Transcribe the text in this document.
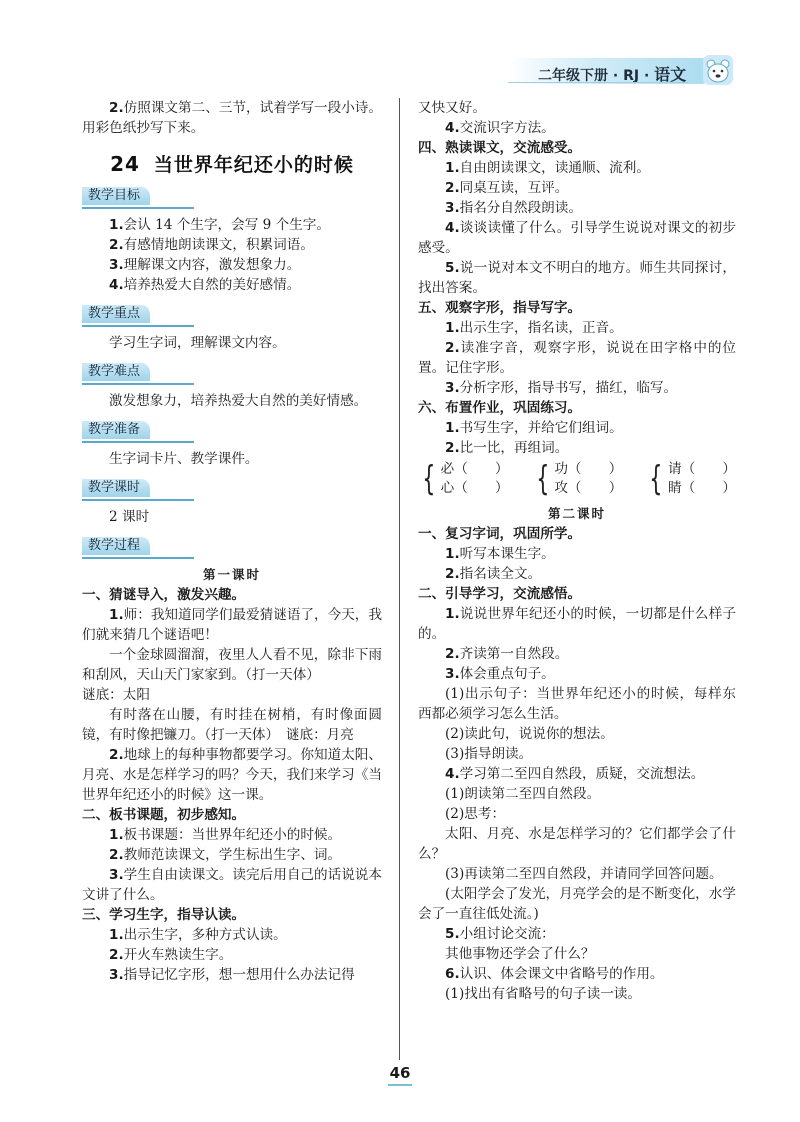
二年级下册 · RJ · 语文

2.仿照课文第二、三节，试着学写一段小诗。用彩色纸抄写下来。

24 当世界年纪还小的时候
教学目标

1.会认 14 个生字，会写 9 个生字。

2.有感情地朗读课文，积累词语。

3.理解课文内容，激发想象力。

4.培养热爱大自然的美好感情。

教学重点

学习生字词，理解课文内容。

教学难点

激发想象力，培养热爱大自然的美好情感。

教学准备

生字词卡片、教学课件。

教学课时

2 课时

教学过程
第一课时

一、猜谜导入，激发兴趣。

1.师：我知道同学们最爱猜谜语了，今天，我们就来猜几个谜语吧！

一个金球圆溜溜，夜里人人看不见，除非下雨和刮风，天山天门家家到。（打一天体）

谜底：太阳

有时落在山腰，有时挂在树梢，有时像面圆镜，有时像把镰刀。（打一天体）　谜底：月亮

2.地球上的每种事物都要学习。你知道太阳、月亮、水是怎样学习的吗？今天，我们来学习《当世界年纪还小的时候》这一课。

二、板书课题，初步感知。

1.板书课题：当世界年纪还小的时候。

2.教师范读课文，学生标出生字、词。

3.学生自由读课文。读完后用自己的话说说本文讲了什么。

三、学习生字，指导认读。

1.出示生字，多种方式认读。

2.开火车熟读生字。

3.指导记忆字形，想一想用什么办法记得

又快又好。

4.交流识字方法。

四、熟读课文，交流感受。

1.自由朗读课文，读通顺、流利。

2.同桌互读，互评。

3.指名分自然段朗读。

4.谈谈读懂了什么。引导学生说说对课文的初步感受。

5.说一说对本文不明白的地方。师生共同探讨，找出答案。

五、观察字形，指导写字。

1.出示生字，指名读，正音。

2.读准字音，观察字形，说说在田字格中的位置。记住字形。

3.分析字形，指导书写，描红，临写。

六、布置作业，巩固练习。

1.书写生字，并给它们组词。

2.比一比，再组词。

{ 必（　　）
心（　　） { 功（　　）
攻（　　） { 请（　　）
睛（　　）
第二课时

一、复习字词，巩固所学。

1.听写本课生字。

2.指名读全文。

二、引导学习，交流感悟。

1.说说世界年纪还小的时候，一切都是什么样子的。

2.齐读第一自然段。

3.体会重点句子。

(1)出示句子：当世界年纪还小的时候，每样东西都必须学习怎么生活。

(2)读此句，说说你的想法。

(3)指导朗读。

4.学习第二至四自然段，质疑，交流想法。

(1)朗读第二至四自然段。

(2)思考：

太阳、月亮、水是怎样学习的？它们都学会了什么？

(3)再读第二至四自然段，并请同学回答问题。

(太阳学会了发光，月亮学会的是不断变化，水学会了一直往低处流。)

5.小组讨论交流：

其他事物还学会了什么？

6.认识、体会课文中省略号的作用。

(1)找出有省略号的句子读一读。

46
